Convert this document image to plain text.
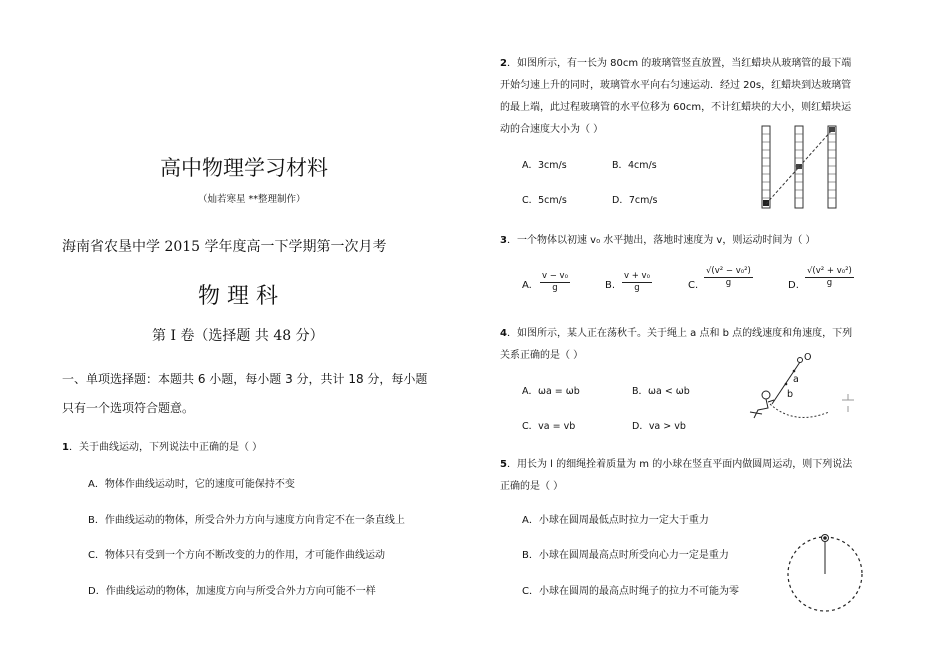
高中物理学习材料
（灿若寒星 **整理制作）
海南省农垦中学 2015 学年度高一下学期第一次月考
物 理 科
第 I 卷（选择题 共 48 分）
一、单项选择题：本题共 6 小题，每小题 3 分，共计 18 分，每小题
只有一个选项符合题意。
1．关于曲线运动，下列说法中正确的是（ ）
A．物体作曲线运动时，它的速度可能保持不变
B．作曲线运动的物体，所受合外力方向与速度方向肯定不在一条直线上
C．物体只有受到一个方向不断改变的力的作用，才可能作曲线运动
D．作曲线运动的物体，加速度方向与所受合外力方向可能不一样
2．如图所示，有一长为 80cm 的玻璃管竖直放置，当红蜡块从玻璃管的最下端
开始匀速上升的同时，玻璃管水平向右匀速运动．经过 20s，红蜡块到达玻璃管
的最上端，此过程玻璃管的水平位移为 60cm，不计红蜡块的大小，则红蜡块运
动的合速度大小为（ ）
A．3cm/s	B．4cm/s
C．5cm/s	D．7cm/s
3．一个物体以初速 v₀ 水平抛出，落地时速度为 v，则运动时间为（ ）
A. $\frac{\text{v − v₀}}{g}$	B. $\frac{\text{v + v₀}}{g}$	C. $\frac{\text{√(v² − v₀²)}}{g}$	D. $\frac{\text{√(v² + v₀²)}}{g}$
4．如图所示，某人正在荡秋千。关于绳上 a 点和 b 点的线速度和角速度，下列
关系正确的是（ ）
A．ωa = ωb	B．ωa < ωb
C．va = vb	D．va > vb
O
a
b
5．用长为 l 的细绳拴着质量为 m 的小球在竖直平面内做圆周运动，则下列说法
正确的是（ ）
A．小球在圆周最低点时拉力一定大于重力
B．小球在圆周最高点时所受向心力一定是重力
C．小球在圆周的最高点时绳子的拉力不可能为零
